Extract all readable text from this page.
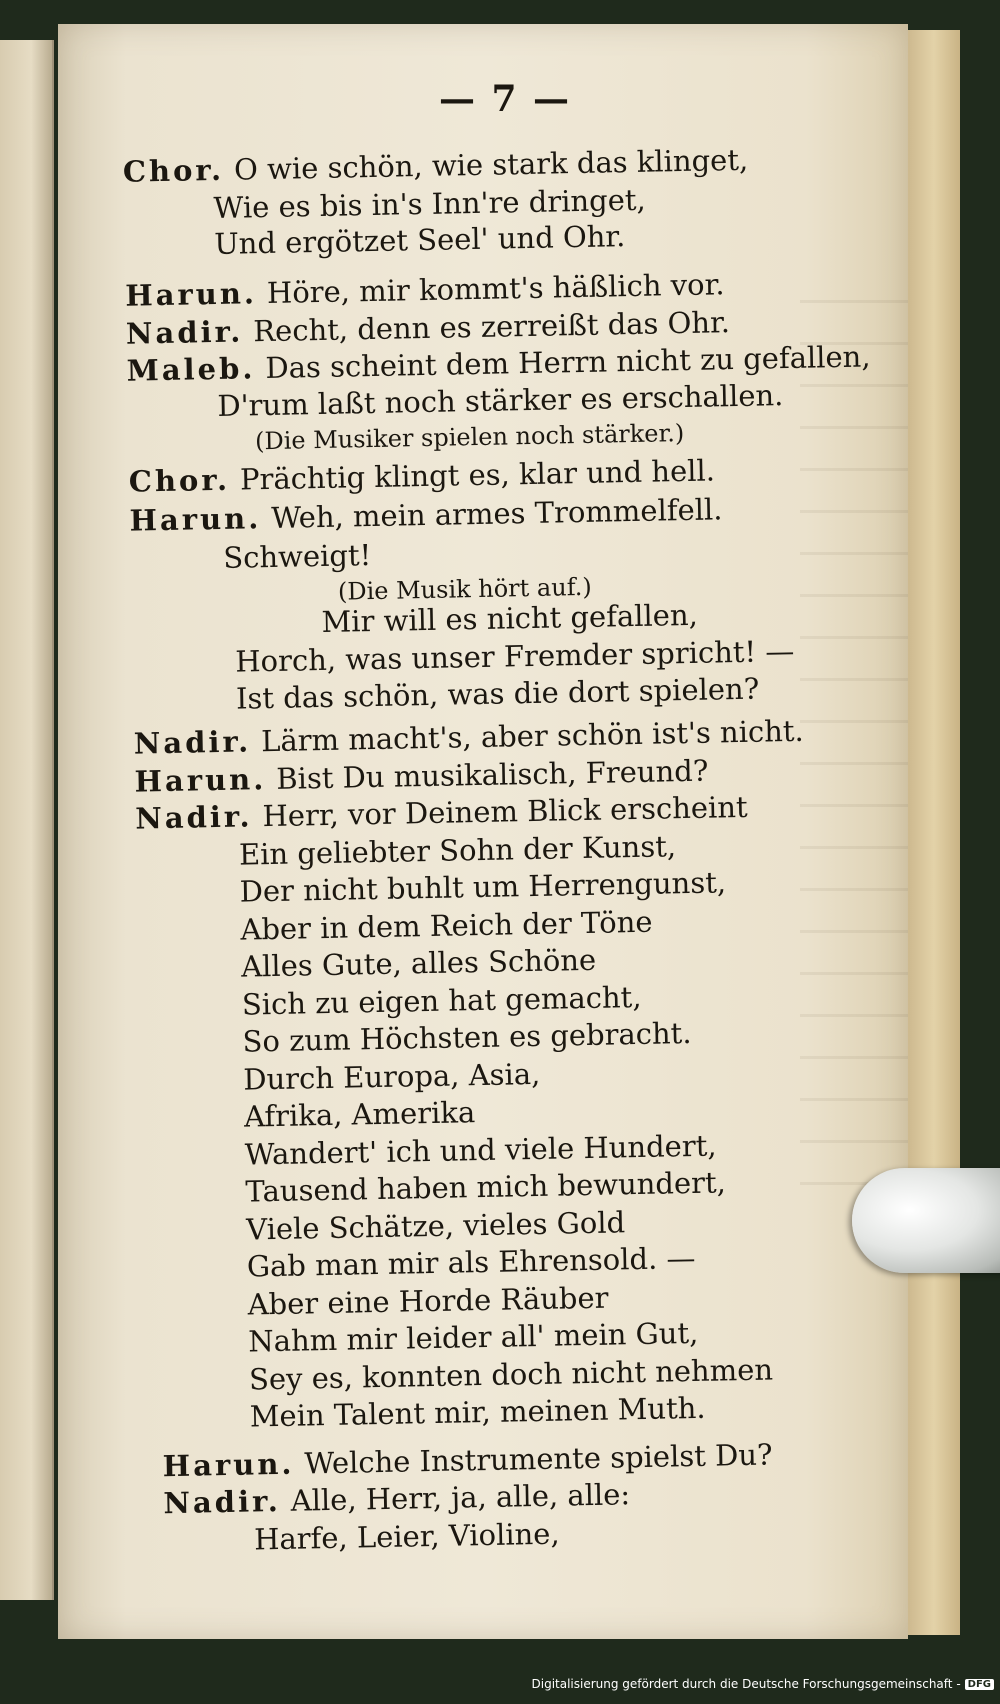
— 7 —
Chor. O wie schön, wie stark das klinget,
Wie es bis in's Inn're dringet,
Und ergötzet Seel' und Ohr.
Harun. Höre, mir kommt's häßlich vor.
Nadir. Recht, denn es zerreißt das Ohr.
Maleb. Das scheint dem Herrn nicht zu gefallen,
D'rum laßt noch stärker es erschallen.
(Die Musiker spielen noch stärker.)
Chor. Prächtig klingt es, klar und hell.
Harun. Weh, mein armes Trommelfell.
Schweigt!
(Die Musik hört auf.)
Mir will es nicht gefallen,
Horch, was unser Fremder spricht! —
Ist das schön, was die dort spielen?
Nadir. Lärm macht's, aber schön ist's nicht.
Harun. Bist Du musikalisch, Freund?
Nadir. Herr, vor Deinem Blick erscheint
Ein geliebter Sohn der Kunst,
Der nicht buhlt um Herrengunst,
Aber in dem Reich der Töne
Alles Gute, alles Schöne
Sich zu eigen hat gemacht,
So zum Höchsten es gebracht.
Durch Europa, Asia,
Afrika, Amerika
Wandert' ich und viele Hundert,
Tausend haben mich bewundert,
Viele Schätze, vieles Gold
Gab man mir als Ehrensold. —
Aber eine Horde Räuber
Nahm mir leider all' mein Gut,
Sey es, konnten doch nicht nehmen
Mein Talent mir, meinen Muth.
Harun. Welche Instrumente spielst Du?
Nadir. Alle, Herr, ja, alle, alle:
Harfe, Leier, Violine,
Digitalisierung gefördert durch die Deutsche Forschungsgemeinschaft - DFG
